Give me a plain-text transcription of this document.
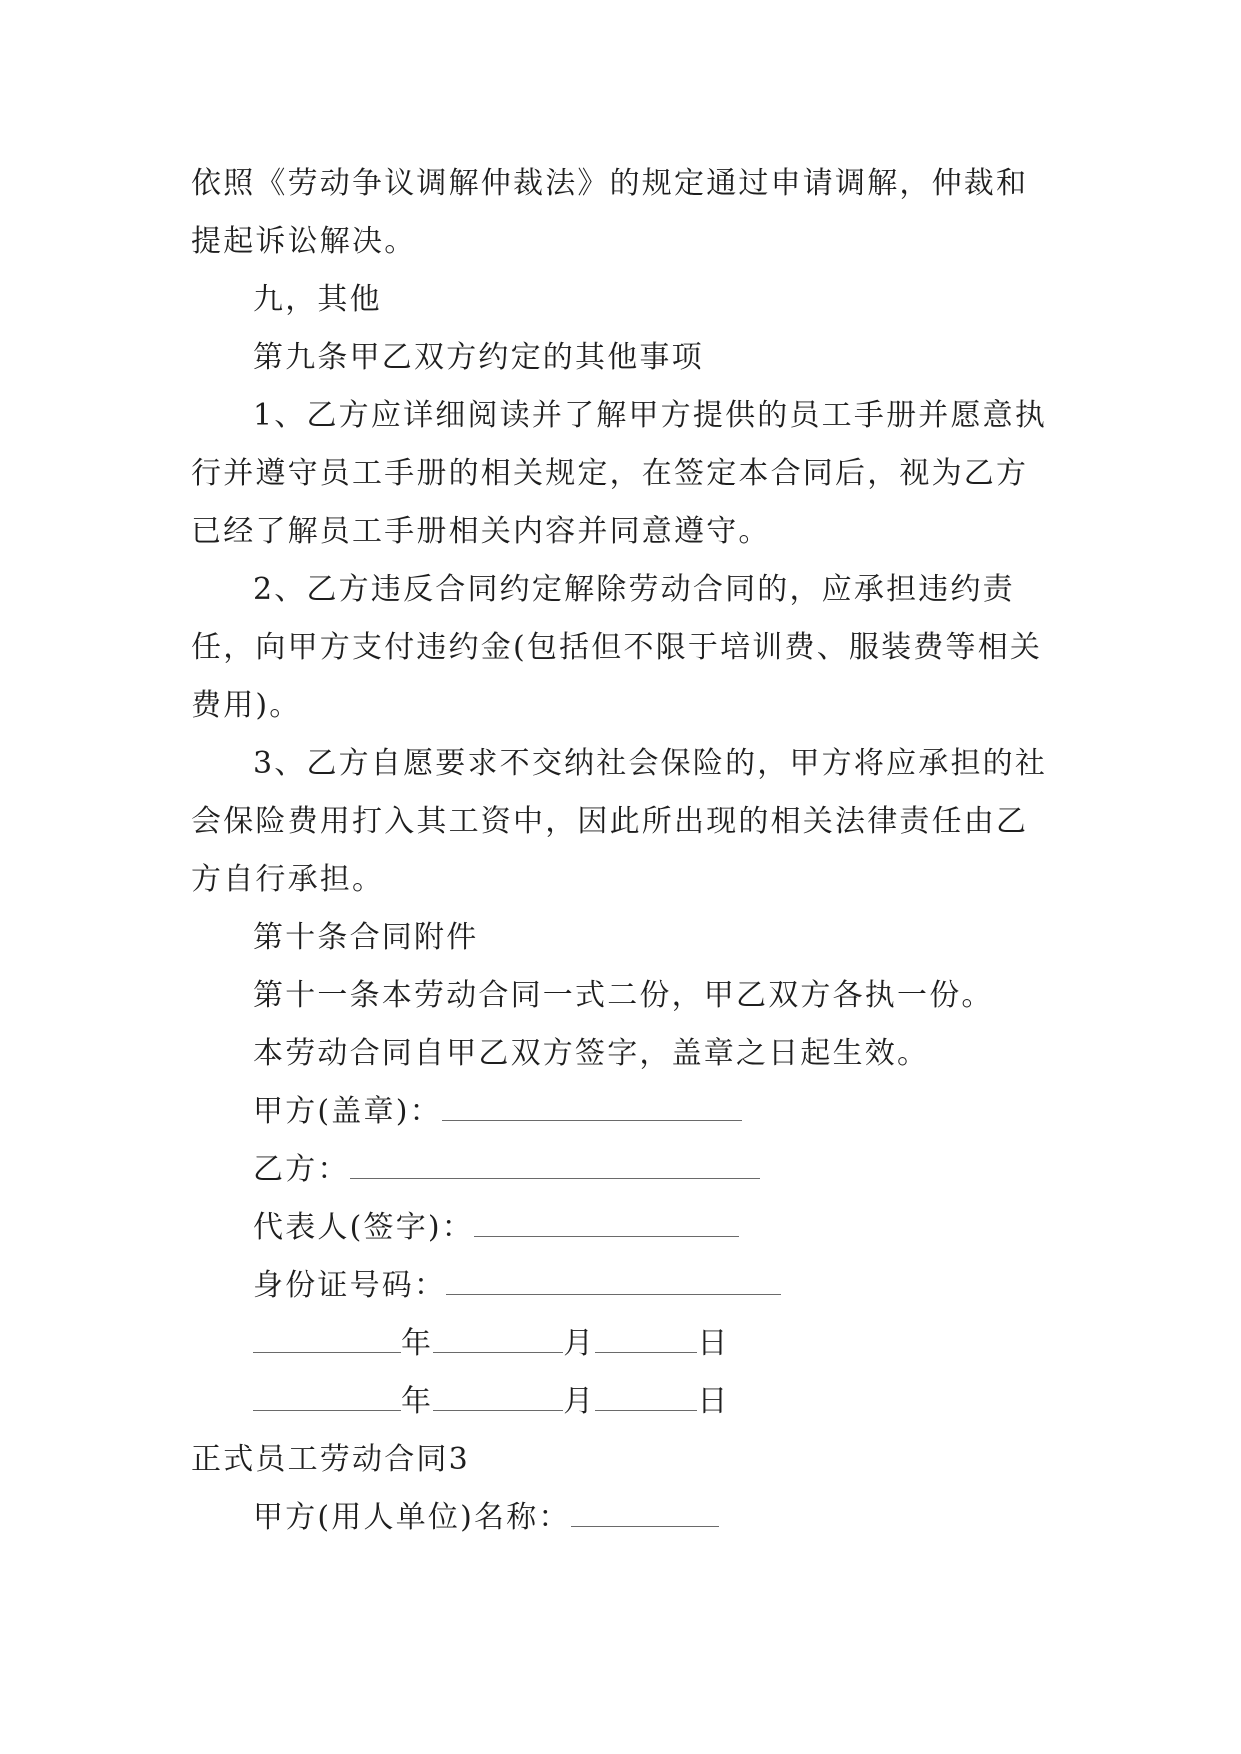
依照《劳动争议调解仲裁法》的规定通过申请调解，仲裁和提起诉讼解决。

九，其他

第九条甲乙双方约定的其他事项

1、乙方应详细阅读并了解甲方提供的员工手册并愿意执行并遵守员工手册的相关规定，在签定本合同后，视为乙方已经了解员工手册相关内容并同意遵守。

2、乙方违反合同约定解除劳动合同的，应承担违约责任，向甲方支付违约金(包括但不限于培训费、服装费等相关费用)。

3、乙方自愿要求不交纳社会保险的，甲方将应承担的社会保险费用打入其工资中，因此所出现的相关法律责任由乙方自行承担。

第十条合同附件

第十一条本劳动合同一式二份，甲乙双方各执一份。

本劳动合同自甲乙双方签字，盖章之日起生效。

甲方(盖章)：
乙方：
代表人(签字)：
身份证号码：
年	月	日
年	月	日

正式员工劳动合同3

甲方(用人单位)名称：
